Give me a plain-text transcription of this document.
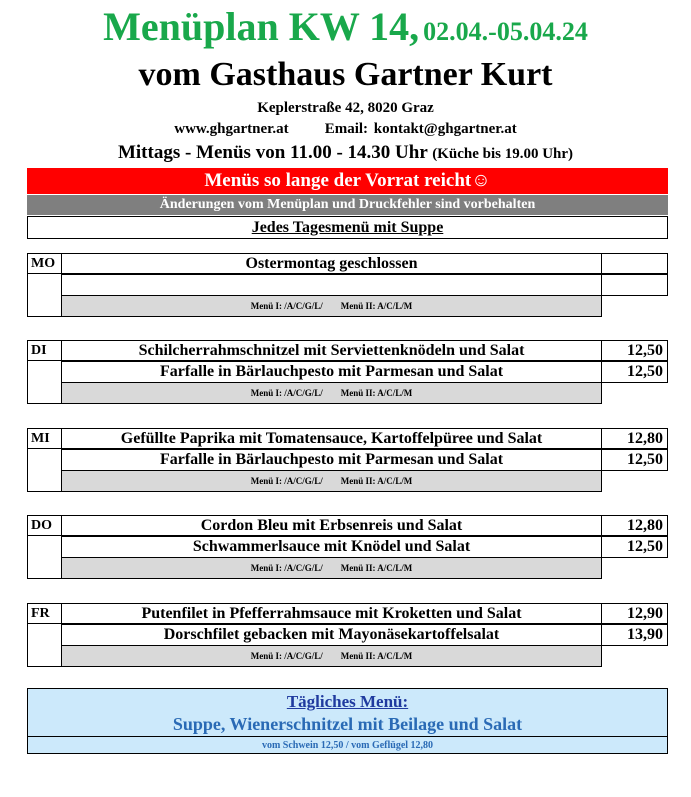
Menüplan KW 14, 02.04.-05.04.24
vom Gasthaus Gartner Kurt
Keplerstraße 42, 8020 Graz
www.ghgartner.at Email: kontakt@ghgartner.at
Mittags - Menüs von 11.00 - 14.30 Uhr (Küche bis 19.00 Uhr)
Menüs so lange der Vorrat reicht☺
Änderungen vom Menüplan und Druckfehler sind vorbehalten
Jedes Tagesmenü mit Suppe
MO	Ostermontag geschlossen
Menü I: /A/C/G/L/ Menü II: A/C/L/M
DI	Schilcherrahmschnitzel mit Serviettenknödeln und Salat	12,50
Farfalle in Bärlauchpesto mit Parmesan und Salat	12,50
Menü I: /A/C/G/L/ Menü II: A/C/L/M
MI	Gefüllte Paprika mit Tomatensauce, Kartoffelpüree und Salat	12,80
Farfalle in Bärlauchpesto mit Parmesan und Salat	12,50
Menü I: /A/C/G/L/ Menü II: A/C/L/M
DO	Cordon Bleu mit Erbsenreis und Salat	12,80
Schwammerlsauce mit Knödel und Salat	12,50
Menü I: /A/C/G/L/ Menü II: A/C/L/M
FR	Putenfilet in Pfefferrahmsauce mit Kroketten und Salat	12,90
Dorschfilet gebacken mit Mayonäsekartoffelsalat	13,90
Menü I: /A/C/G/L/ Menü II: A/C/L/M
Tägliches Menü:
Suppe, Wienerschnitzel mit Beilage und Salat
vom Schwein 12,50 / vom Geflügel 12,80
